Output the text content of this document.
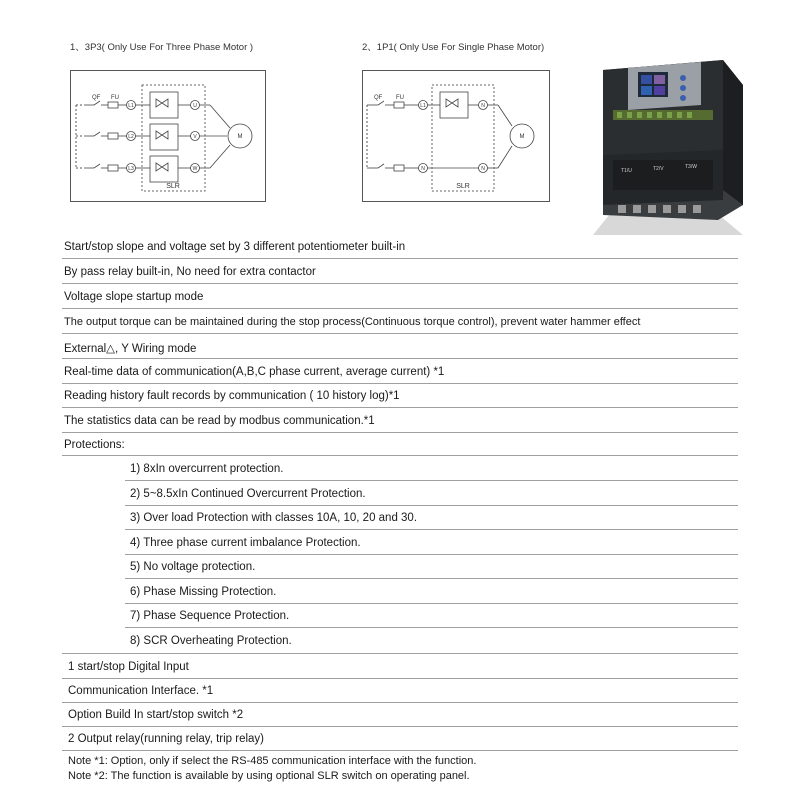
1、3P3( Only Use For Three Phase Motor )	2、1P1( Only Use For Single Phase Motor)
QF FU
L1
L2
L3
U
V
W
M
SLR
QF FU
L1
N
N
N
M
SLR
T1/U	T2/V	T3/W
Start/stop slope and voltage set by 3 different potentiometer built-in
By pass relay built-in, No need for extra contactor
Voltage slope startup mode
The output torque can be maintained during the stop process(Continuous torque control), prevent water hammer effect
External△, Y Wiring mode
Real-time data of communication(A,B,C phase current, average current) *1
Reading history fault records by communication ( 10 history log)*1
The statistics data can be read by modbus communication.*1
Protections:
1) 8xIn overcurrent protection.
2) 5~8.5xIn Continued Overcurrent Protection.
3) Over load Protection with classes 10A, 10, 20 and 30.
4) Three phase current imbalance Protection.
5) No voltage protection.
6) Phase Missing Protection.
7) Phase Sequence Protection.
8) SCR Overheating Protection.
1 start/stop Digital Input
Communication Interface. *1
Option Build In start/stop switch *2
2 Output relay(running relay, trip relay)
Note *1: Option, only if select the RS-485 communication interface with the function.
Note *2: The function is available by using optional SLR switch on operating panel.
